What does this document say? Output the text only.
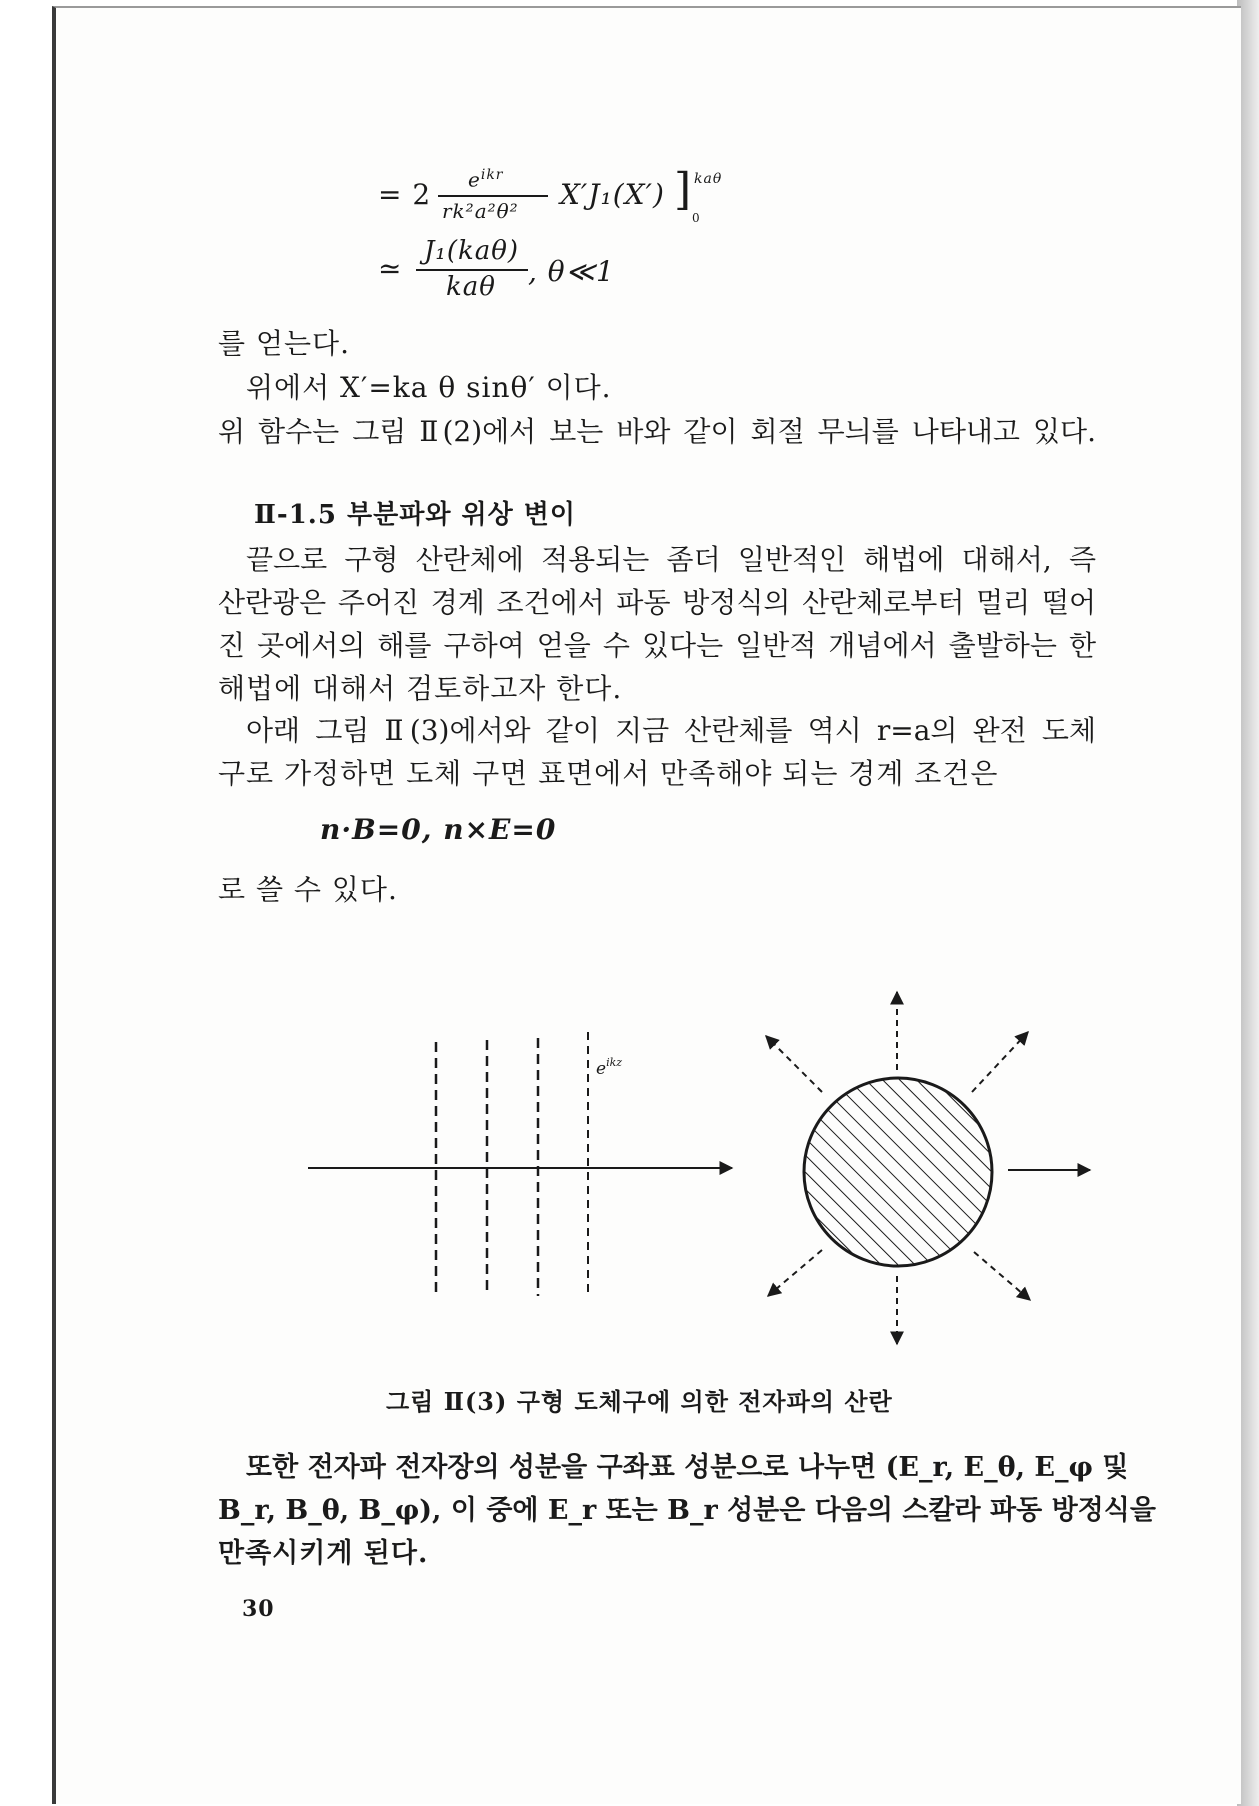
= 2 $e^{ikr}$
rk²a²θ² X′J₁(X′) ] kaθ
0
≃
J₁(kaθ)
kaθ , θ≪1
를 얻는다.
위에서 X′=ka θ sinθ′ 이다.
위 함수는 그림 Ⅱ(2)에서 보는 바와 같이 회절 무늬를 나타내고 있다.
Ⅱ-1.5 부분파와 위상 변이
끝으로 구형 산란체에 적용되는 좀더 일반적인 해법에 대해서, 즉
산란광은 주어진 경계 조건에서 파동 방정식의 산란체로부터 멀리 떨어
진 곳에서의 해를 구하여 얻을 수 있다는 일반적 개념에서 출발하는 한
해법에 대해서 검토하고자 한다.
아래 그림 Ⅱ(3)에서와 같이 지금 산란체를 역시 r=a의 완전 도체
구로 가정하면 도체 구면 표면에서 만족해야 되는 경계 조건은
n·B=0, n×E=0
로 쓸 수 있다.
$e^{ikz}$
그림 Ⅱ(3) 구형 도체구에 의한 전자파의 산란
또한 전자파 전자장의 성분을 구좌표 성분으로 나누면 (E_r, E_θ, E_φ 및
B_r, B_θ, B_φ), 이 중에 E_r 또는 B_r 성분은 다음의 스칼라 파동 방정식을
만족시키게 된다.
30
